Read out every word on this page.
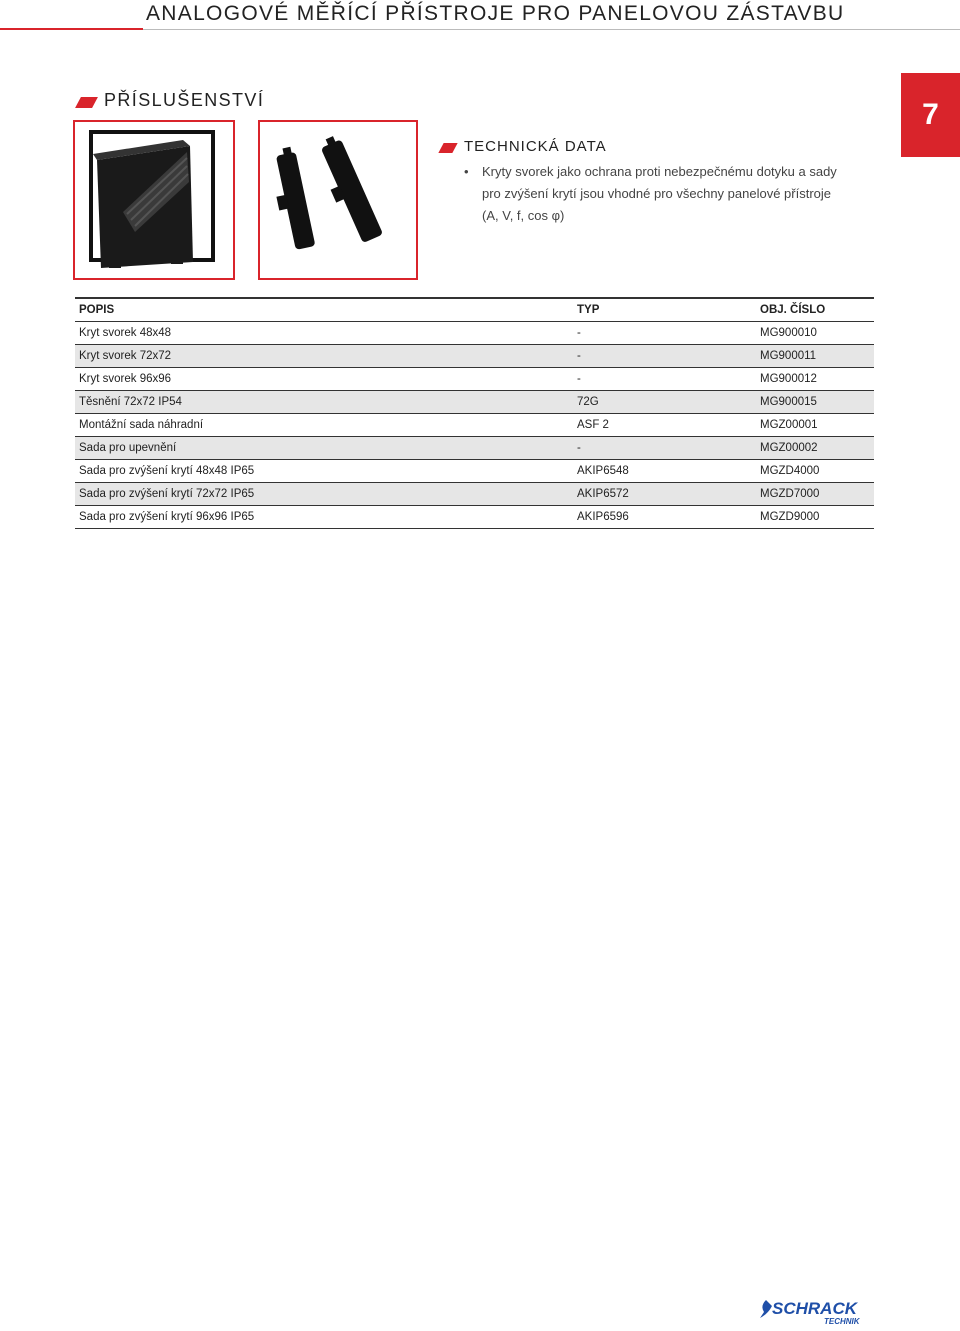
ANALOGOVÉ MĚŘÍCÍ PŘÍSTROJE PRO PANELOVOU ZÁSTAVBU
7
PŘÍSLUŠENSTVÍ
TECHNICKÁ DATA
• Kryty svorek jako ochrana proti nebezpečnému dotyku a sady
pro zvýšení krytí jsou vhodné pro všechny panelové přístroje
(A, V, f, cos φ)
POPIS	TYP	OBJ. ČÍSLO
Kryt svorek 48x48	-	MG900010
Kryt svorek 72x72	-	MG900011
Kryt svorek 96x96	-	MG900012
Těsnění 72x72 IP54	72G	MG900015
Montážní sada náhradní	ASF 2	MGZ00001
Sada pro upevnění	-	MGZ00002
Sada pro zvýšení krytí 48x48 IP65	AKIP6548	MGZD4000
Sada pro zvýšení krytí 72x72 IP65	AKIP6572	MGZD7000
Sada pro zvýšení krytí 96x96 IP65	AKIP6596	MGZD9000
SCHRACK
TECHNIK
